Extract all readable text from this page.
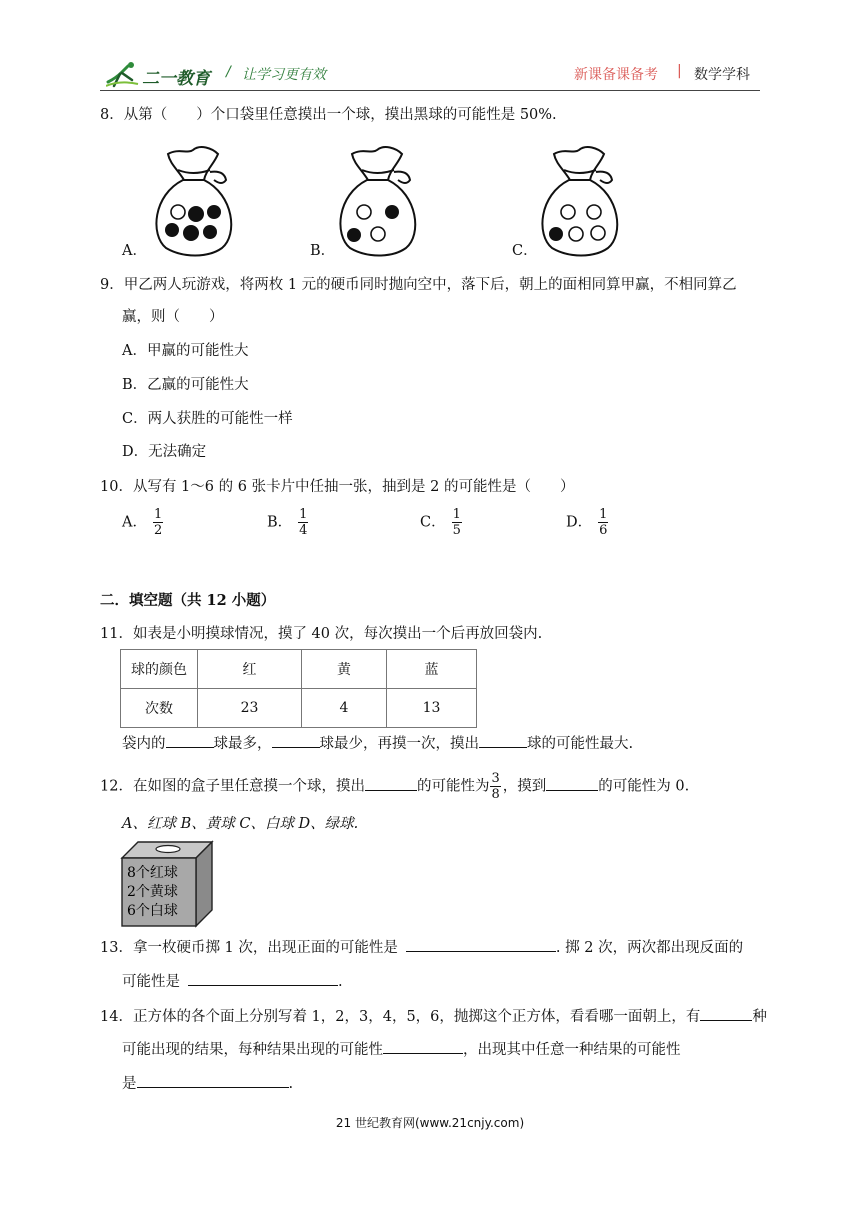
二一教育 / 让学习更有效	新课备课备考 | 数学学科
8．从第（　　）个口袋里任意摸出一个球，摸出黑球的可能性是 50%.
A．	B．	C．
9．甲乙两人玩游戏，将两枚 1 元的硬币同时抛向空中，落下后，朝上的面相同算甲赢，不相同算乙
赢，则（　　）
A．甲赢的可能性大
B．乙赢的可能性大
C．两人获胜的可能性一样
D．无法确定
10．从写有 1～6 的 6 张卡片中任抽一张，抽到是 2 的可能性是（　　）
A． $\frac{1}{2}$	B． $\frac{1}{4}$	C． $\frac{1}{5}$	D． $\frac{1}{6}$
二．填空题（共 12 小题）
11．如表是小明摸球情况，摸了 40 次，每次摸出一个后再放回袋内.
球的颜色	红	黄	蓝
次数	23	4	13
袋内的	球最多，	球最少，再摸一次，摸出	球的可能性最大.
12．在如图的盒子里任意摸一个球，摸出	的可能性为 $\frac{3}{8}$ ，摸到	的可能性为 0.
A、红球 B、黄球 C、白球 D、绿球.
8个红球
2个黄球
6个白球
13．拿一枚硬币掷 1 次，出现正面的可能性是	. 掷 2 次，两次都出现反面的
可能性是	.
14．正方体的各个面上分别写着 1，2，3，4，5，6，抛掷这个正方体，看看哪一面朝上，有	种
可能出现的结果，每种结果出现的可能性	，出现其中任意一种结果的可能性
是	.
21 世纪教育网(www.21cnjy.com)
